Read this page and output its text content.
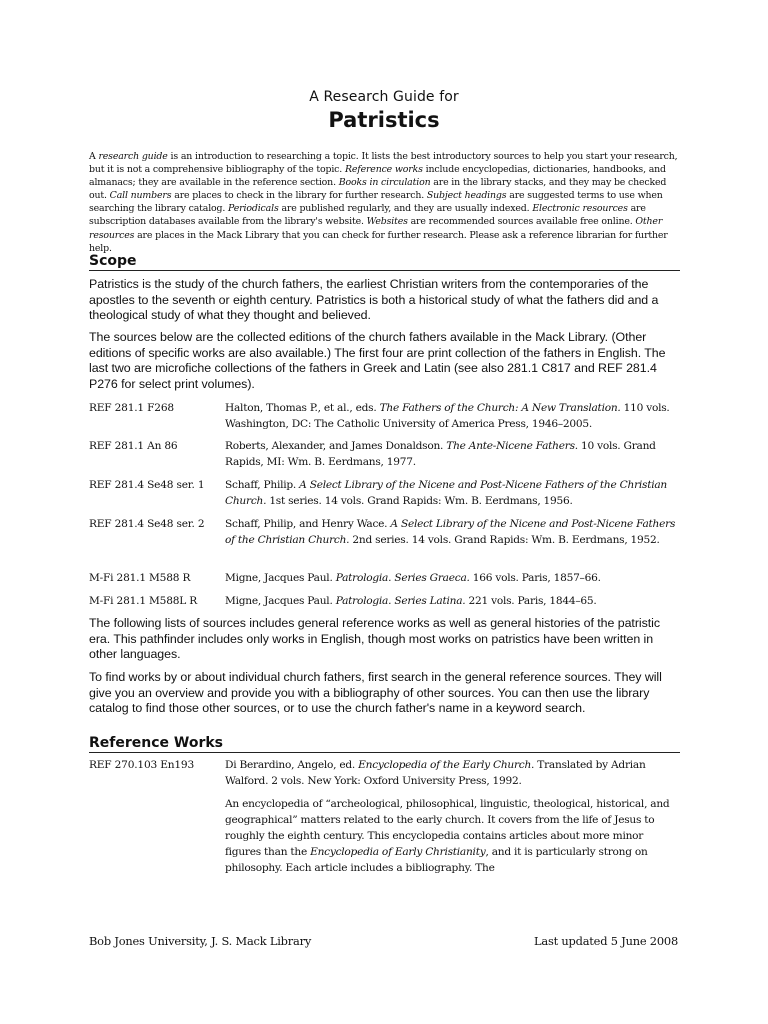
A Research Guide for
Patristics
A research guide is an introduction to researching a topic. It lists the best introductory sources to help you start your research, but it is not a comprehensive bibliography of the topic. Reference works include encyclopedias, dictionaries, handbooks, and almanacs; they are available in the reference section. Books in circulation are in the library stacks, and they may be checked out. Call numbers are places to check in the library for further research. Subject headings are suggested terms to use when searching the library catalog. Periodicals are published regularly, and they are usually indexed. Electronic resources are subscription databases available from the library's website. Websites are recommended sources available free online. Other resources are places in the Mack Library that you can check for further research. Please ask a reference librarian for further help.
Scope
Patristics is the study of the church fathers, the earliest Christian writers from the contemporaries of the apostles to the seventh or eighth century. Patristics is both a historical study of what the fathers did and a theological study of what they thought and believed.
The sources below are the collected editions of the church fathers available in the Mack Library. (Other editions of specific works are also available.) The first four are print collection of the fathers in English. The last two are microfiche collections of the fathers in Greek and Latin (see also 281.1 C817 and REF 281.4 P276 for select print volumes).
REF 281.1 F268	Halton, Thomas P., et al., eds. The Fathers of the Church: A New Translation. 110 vols. Washington, DC: The Catholic University of America Press, 1946–2005.
REF 281.1 An 86	Roberts, Alexander, and James Donaldson. The Ante-Nicene Fathers. 10 vols. Grand Rapids, MI: Wm. B. Eerdmans, 1977.
REF 281.4 Se48 ser. 1	Schaff, Philip. A Select Library of the Nicene and Post-Nicene Fathers of the Christian Church. 1st series. 14 vols. Grand Rapids: Wm. B. Eerdmans, 1956.
REF 281.4 Se48 ser. 2	Schaff, Philip, and Henry Wace. A Select Library of the Nicene and Post-Nicene Fathers of the Christian Church. 2nd series. 14 vols. Grand Rapids: Wm. B. Eerdmans, 1952.
M-Fi 281.1 M588 R	Migne, Jacques Paul. Patrologia. Series Graeca. 166 vols. Paris, 1857–66.
M-Fi 281.1 M588L R	Migne, Jacques Paul. Patrologia. Series Latina. 221 vols. Paris, 1844–65.
The following lists of sources includes general reference works as well as general histories of the patristic era. This pathfinder includes only works in English, though most works on patristics have been written in other languages.
To find works by or about individual church fathers, first search in the general reference sources. They will give you an overview and provide you with a bibliography of other sources. You can then use the library catalog to find those other sources, or to use the church father's name in a keyword search.
Reference Works
REF 270.103 En193	Di Berardino, Angelo, ed. Encyclopedia of the Early Church. Translated by Adrian Walford. 2 vols. New York: Oxford University Press, 1992.
An encyclopedia of “archeological, philosophical, linguistic, theological, historical, and geographical” matters related to the early church. It covers from the life of Jesus to roughly the eighth century. This encyclopedia contains articles about more minor figures than the Encyclopedia of Early Christianity, and it is particularly strong on philosophy. Each article includes a bibliography. The
Bob Jones University, J. S. Mack Library	Last updated 5 June 2008
